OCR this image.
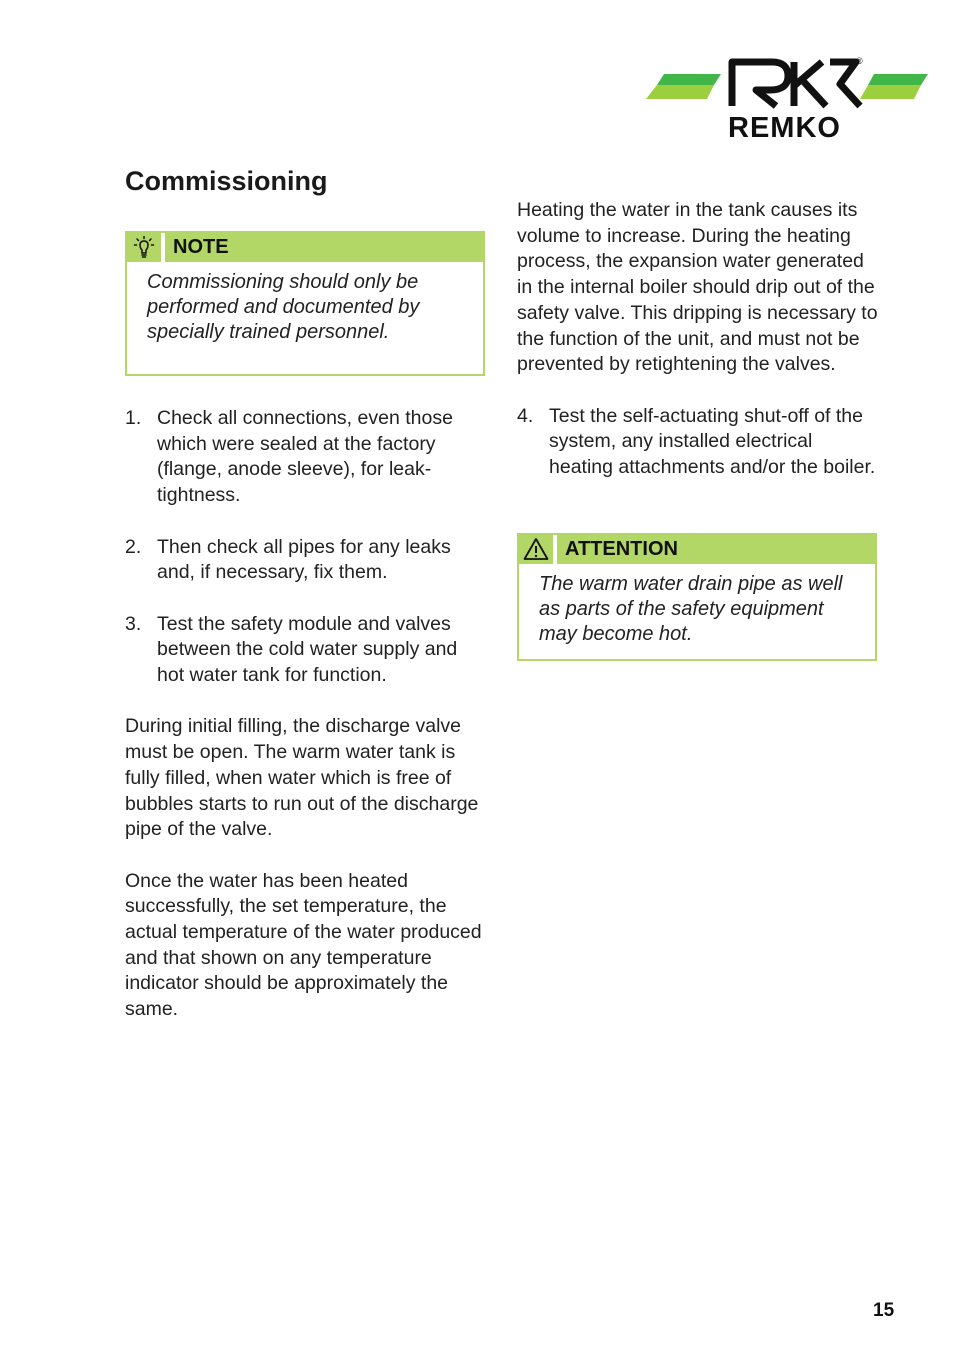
®
REMKO
Commissioning
NOTE
Commissioning should only be performed and documented by specially trained personnel.
1. Check all connections, even those which were sealed at the factory (flange, anode sleeve), for leak-tightness.
2. Then check all pipes for any leaks and, if necessary, fix them.
3. Test the safety module and valves between the cold water supply and hot water tank for function.

During initial filling, the discharge valve must be open. The warm water tank is fully filled, when water which is free of bubbles starts to run out of the discharge pipe of the valve.

Once the water has been heated successfully, the set temperature, the actual temperature of the water produced and that shown on any temperature indicator should be approximately the same.

Heating the water in the tank causes its volume to increase. During the heating process, the expansion water generated in the internal boiler should drip out of the safety valve. This dripping is necessary to the function of the unit, and must not be prevented by retightening the valves.

4. Test the self-actuating shut-off of the system, any installed electrical heating attachments and/or the boiler.
ATTENTION
The warm water drain pipe as well as parts of the safety equipment may become hot.
15
